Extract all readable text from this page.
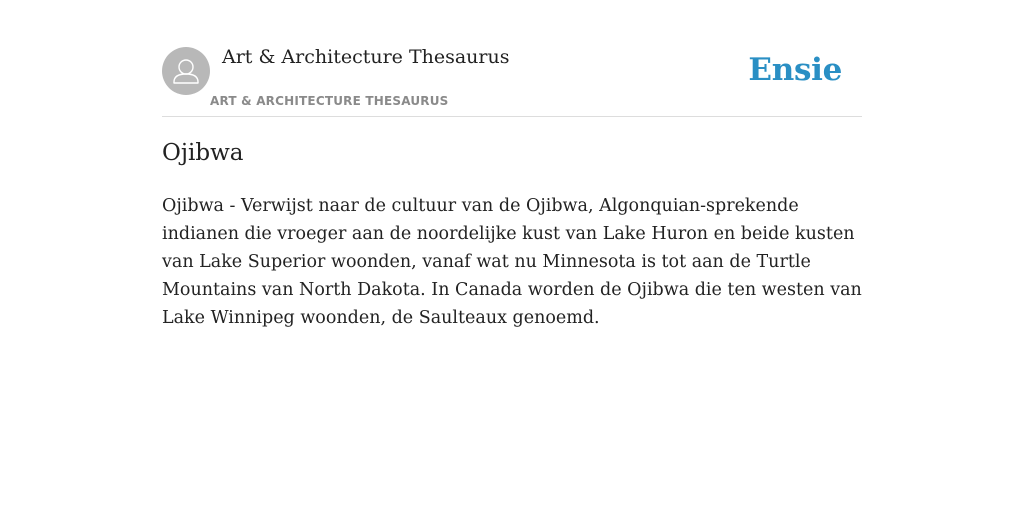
Art & Architecture Thesaurus
ART & ARCHITECTURE THESAURUS
Ensie
Ojibwa

Ojibwa - Verwijst naar de cultuur van de Ojibwa, Algonquian-sprekende indianen die vroeger aan de noordelijke kust van Lake Huron en beide kusten van Lake Superior woonden, vanaf wat nu Minnesota is tot aan de Turtle Mountains van North Dakota. In Canada worden de Ojibwa die ten westen van Lake Winnipeg woonden, de Saulteaux genoemd.
